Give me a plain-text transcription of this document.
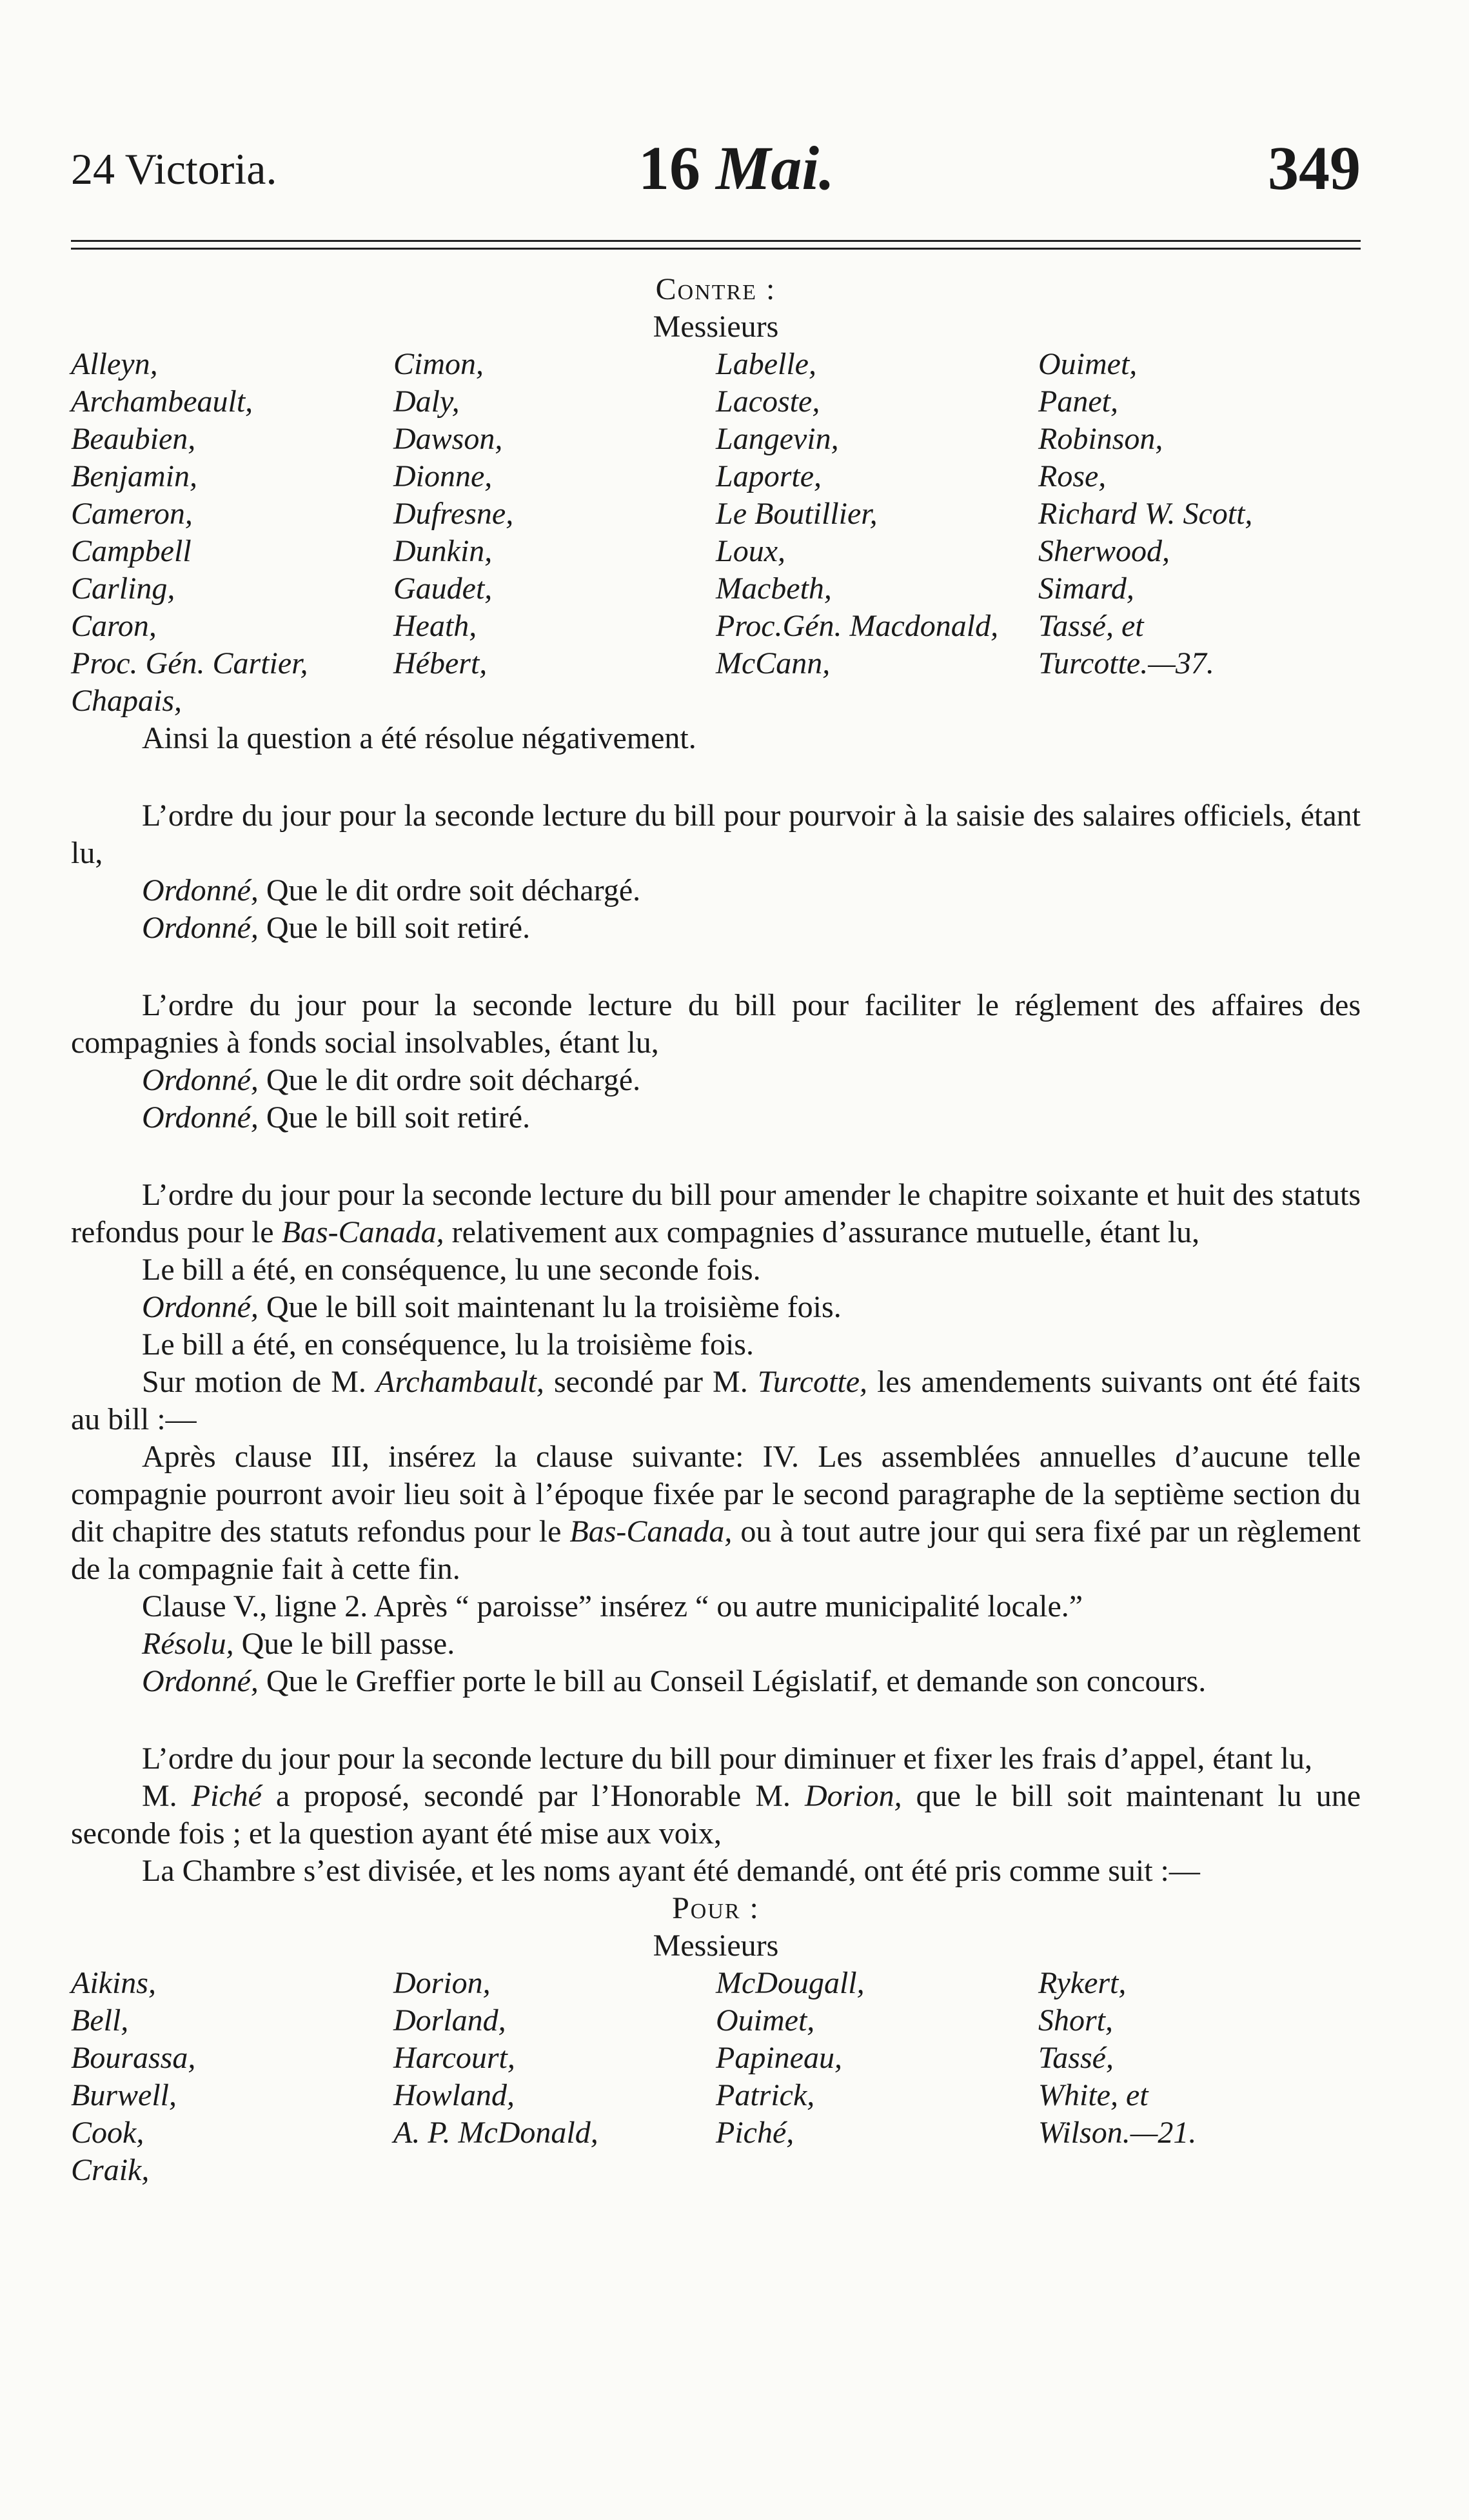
24 Victoria.	16 Mai.	349
Contre :
Messieurs
Alleyn,
Archambeault,
Beaubien,
Benjamin,
Cameron,
Campbell
Carling,
Caron,
Proc. Gén. Cartier,
Chapais,
Cimon,
Daly,
Dawson,
Dionne,
Dufresne,
Dunkin,
Gaudet,
Heath,
Hébert,
Labelle,
Lacoste,
Langevin,
Laporte,
Le Boutillier,
Loux,
Macbeth,
Proc.Gén. Macdonald,
McCann,
Ouimet,
Panet,
Robinson,
Rose,
Richard W. Scott,
Sherwood,
Simard,
Tassé, et
Turcotte.—37.

Ainsi la question a été résolue négativement.

L’ordre du jour pour la seconde lecture du bill pour pourvoir à la saisie des salaires officiels, étant lu,

Ordonné, Que le dit ordre soit déchargé.

Ordonné, Que le bill soit retiré.

L’ordre du jour pour la seconde lecture du bill pour faciliter le réglement des affaires des compagnies à fonds social insolvables, étant lu,

Ordonné, Que le dit ordre soit déchargé.

Ordonné, Que le bill soit retiré.

L’ordre du jour pour la seconde lecture du bill pour amender le chapitre soixante et huit des statuts refondus pour le Bas-Canada, relativement aux compagnies d’assurance mutuelle, étant lu,

Le bill a été, en conséquence, lu une seconde fois.

Ordonné, Que le bill soit maintenant lu la troisième fois.

Le bill a été, en conséquence, lu la troisième fois.

Sur motion de M. Archambault, secondé par M. Turcotte, les amendements suivants ont été faits au bill :—

Après clause III, insérez la clause suivante: IV. Les assemblées annuelles d’aucune telle compagnie pourront avoir lieu soit à l’époque fixée par le second paragraphe de la septième section du dit chapitre des statuts refondus pour le Bas-Canada, ou à tout autre jour qui sera fixé par un règlement de la compagnie fait à cette fin.

Clause V., ligne 2. Après “ paroisse” insérez “ ou autre municipalité locale.”

Résolu, Que le bill passe.

Ordonné, Que le Greffier porte le bill au Conseil Législatif, et demande son concours.

L’ordre du jour pour la seconde lecture du bill pour diminuer et fixer les frais d’appel, étant lu,

M. Piché a proposé, secondé par l’Honorable M. Dorion, que le bill soit maintenant lu une seconde fois ; et la question ayant été mise aux voix,

La Chambre s’est divisée, et les noms ayant été demandé, ont été pris comme suit :—

Pour :
Messieurs
Aikins,
Bell,
Bourassa,
Burwell,
Cook,
Craik,
Dorion,
Dorland,
Harcourt,
Howland,
A. P. McDonald,
McDougall,
Ouimet,
Papineau,
Patrick,
Piché,
Rykert,
Short,
Tassé,
White, et
Wilson.—21.
